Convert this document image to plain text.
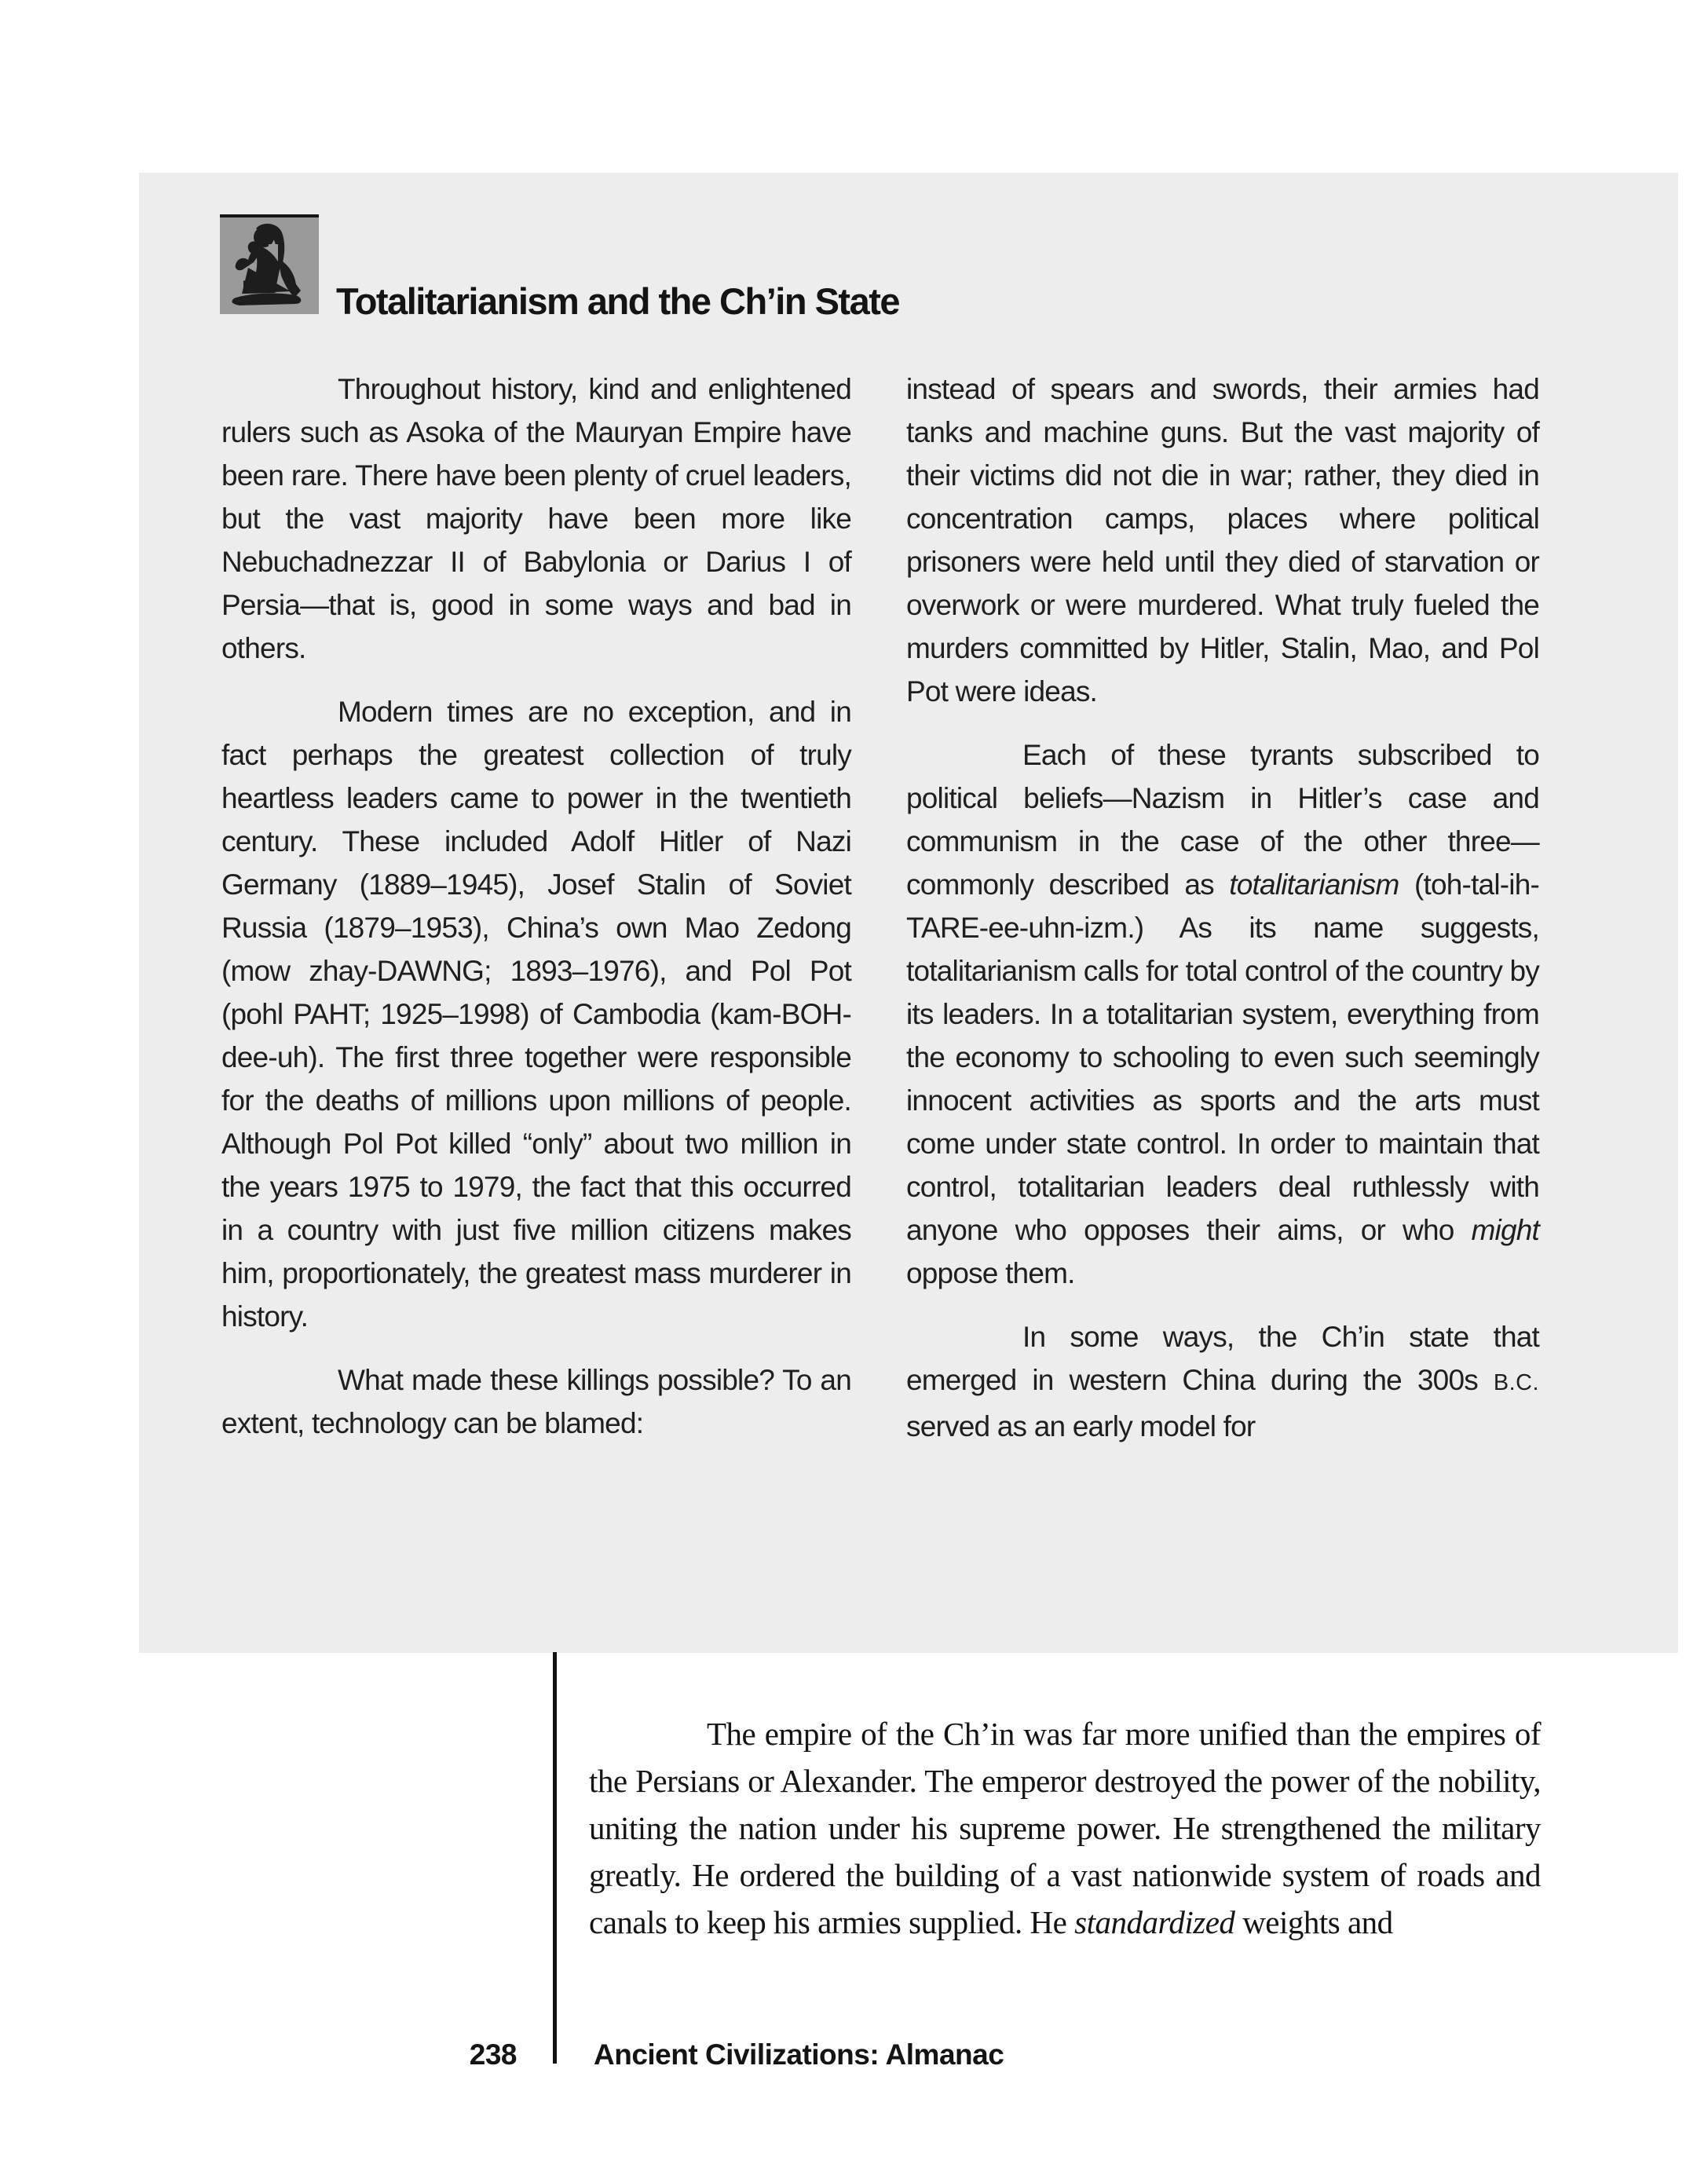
Totalitarianism and the Ch’in State

Throughout history, kind and enlightened rulers such as Asoka of the Mauryan Empire have been rare. There have been plenty of cruel leaders, but the vast majority have been more like Nebuchadnezzar II of Babylonia or Darius I of Persia—that is, good in some ways and bad in others.

Modern times are no exception, and in fact perhaps the greatest collection of truly heartless leaders came to power in the twentieth century. These included Adolf Hitler of Nazi Germany (1889–1945), Josef Stalin of Soviet Russia (1879–1953), China’s own Mao Zedong (mow zhay-DAWNG; 1893–1976), and Pol Pot (pohl PAHT; 1925–1998) of Cambodia (kam-BOH-dee-uh). The first three together were responsible for the deaths of millions upon millions of people. Although Pol Pot killed “only” about two million in the years 1975 to 1979, the fact that this occurred in a country with just five million citizens makes him, proportionately, the greatest mass murderer in history.

What made these killings possible? To an extent, technology can be blamed:

instead of spears and swords, their armies had tanks and machine guns. But the vast majority of their victims did not die in war; rather, they died in concentration camps, places where political prisoners were held until they died of starvation or overwork or were murdered. What truly fueled the murders committed by Hitler, Stalin, Mao, and Pol Pot were ideas.

Each of these tyrants subscribed to political beliefs—Nazism in Hitler’s case and communism in the case of the other three—commonly described as totalitarianism (toh-tal-ih-TARE-ee-uhn-izm.) As its name suggests, totalitarianism calls for total control of the country by its leaders. In a totalitarian system, everything from the economy to schooling to even such seemingly innocent activities as sports and the arts must come under state control. In order to maintain that control, totalitarian leaders deal ruthlessly with anyone who opposes their aims, or who might oppose them.

In some ways, the Ch’in state that emerged in western China during the 300s B.C. served as an early model for

The empire of the Ch’in was far more unified than the empires of the Persians or Alexander. The emperor destroyed the power of the nobility, uniting the nation under his supreme power. He strengthened the military greatly. He ordered the building of a vast nationwide system of roads and canals to keep his armies supplied. He standardized weights and

238	Ancient Civilizations: Almanac
